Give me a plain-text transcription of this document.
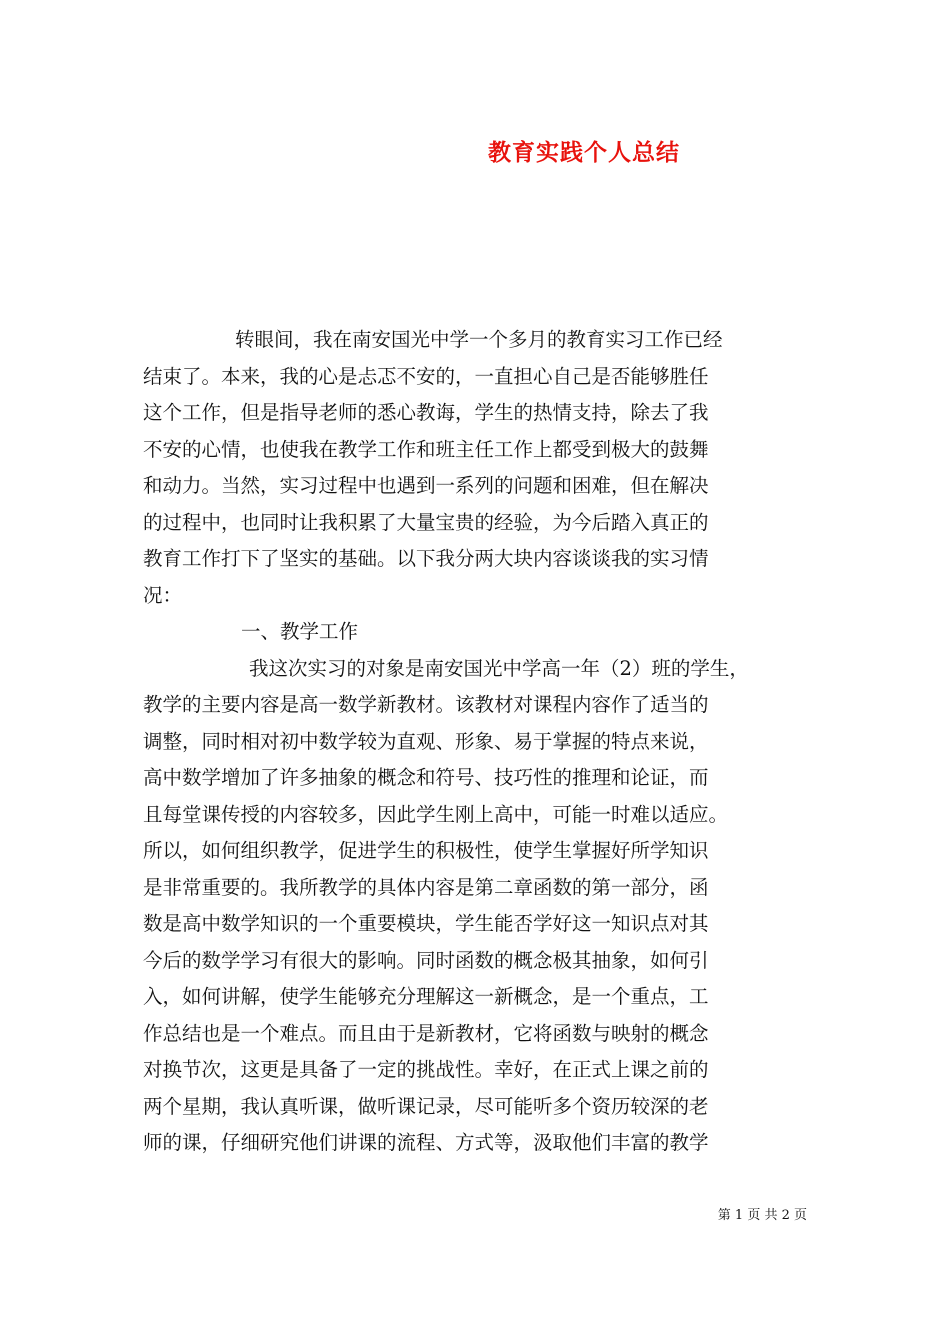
教育实践个人总结
转眼间，我在南安国光中学一个多月的教育实习工作已经
结束了。本来，我的心是忐忑不安的，一直担心自己是否能够胜任
这个工作，但是指导老师的悉心教诲，学生的热情支持，除去了我
不安的心情，也使我在教学工作和班主任工作上都受到极大的鼓舞
和动力。当然，实习过程中也遇到一系列的问题和困难，但在解决
的过程中，也同时让我积累了大量宝贵的经验，为今后踏入真正的
教育工作打下了坚实的基础。以下我分两大块内容谈谈我的实习情
况：
一、教学工作
我这次实习的对象是南安国光中学高一年（2）班的学生，
教学的主要内容是高一数学新教材。该教材对课程内容作了适当的
调整，同时相对初中数学较为直观、形象、易于掌握的特点来说，
高中数学增加了许多抽象的概念和符号、技巧性的推理和论证，而
且每堂课传授的内容较多，因此学生刚上高中，可能一时难以适应。
所以，如何组织教学，促进学生的积极性，使学生掌握好所学知识
是非常重要的。我所教学的具体内容是第二章函数的第一部分，函
数是高中数学知识的一个重要模块，学生能否学好这一知识点对其
今后的数学学习有很大的影响。同时函数的概念极其抽象，如何引
入，如何讲解，使学生能够充分理解这一新概念，是一个重点，工
作总结也是一个难点。而且由于是新教材，它将函数与映射的概念
对换节次，这更是具备了一定的挑战性。幸好，在正式上课之前的
两个星期，我认真听课，做听课记录，尽可能听多个资历较深的老
师的课，仔细研究他们讲课的流程、方式等，汲取他们丰富的教学
第 1 页 共 2 页
